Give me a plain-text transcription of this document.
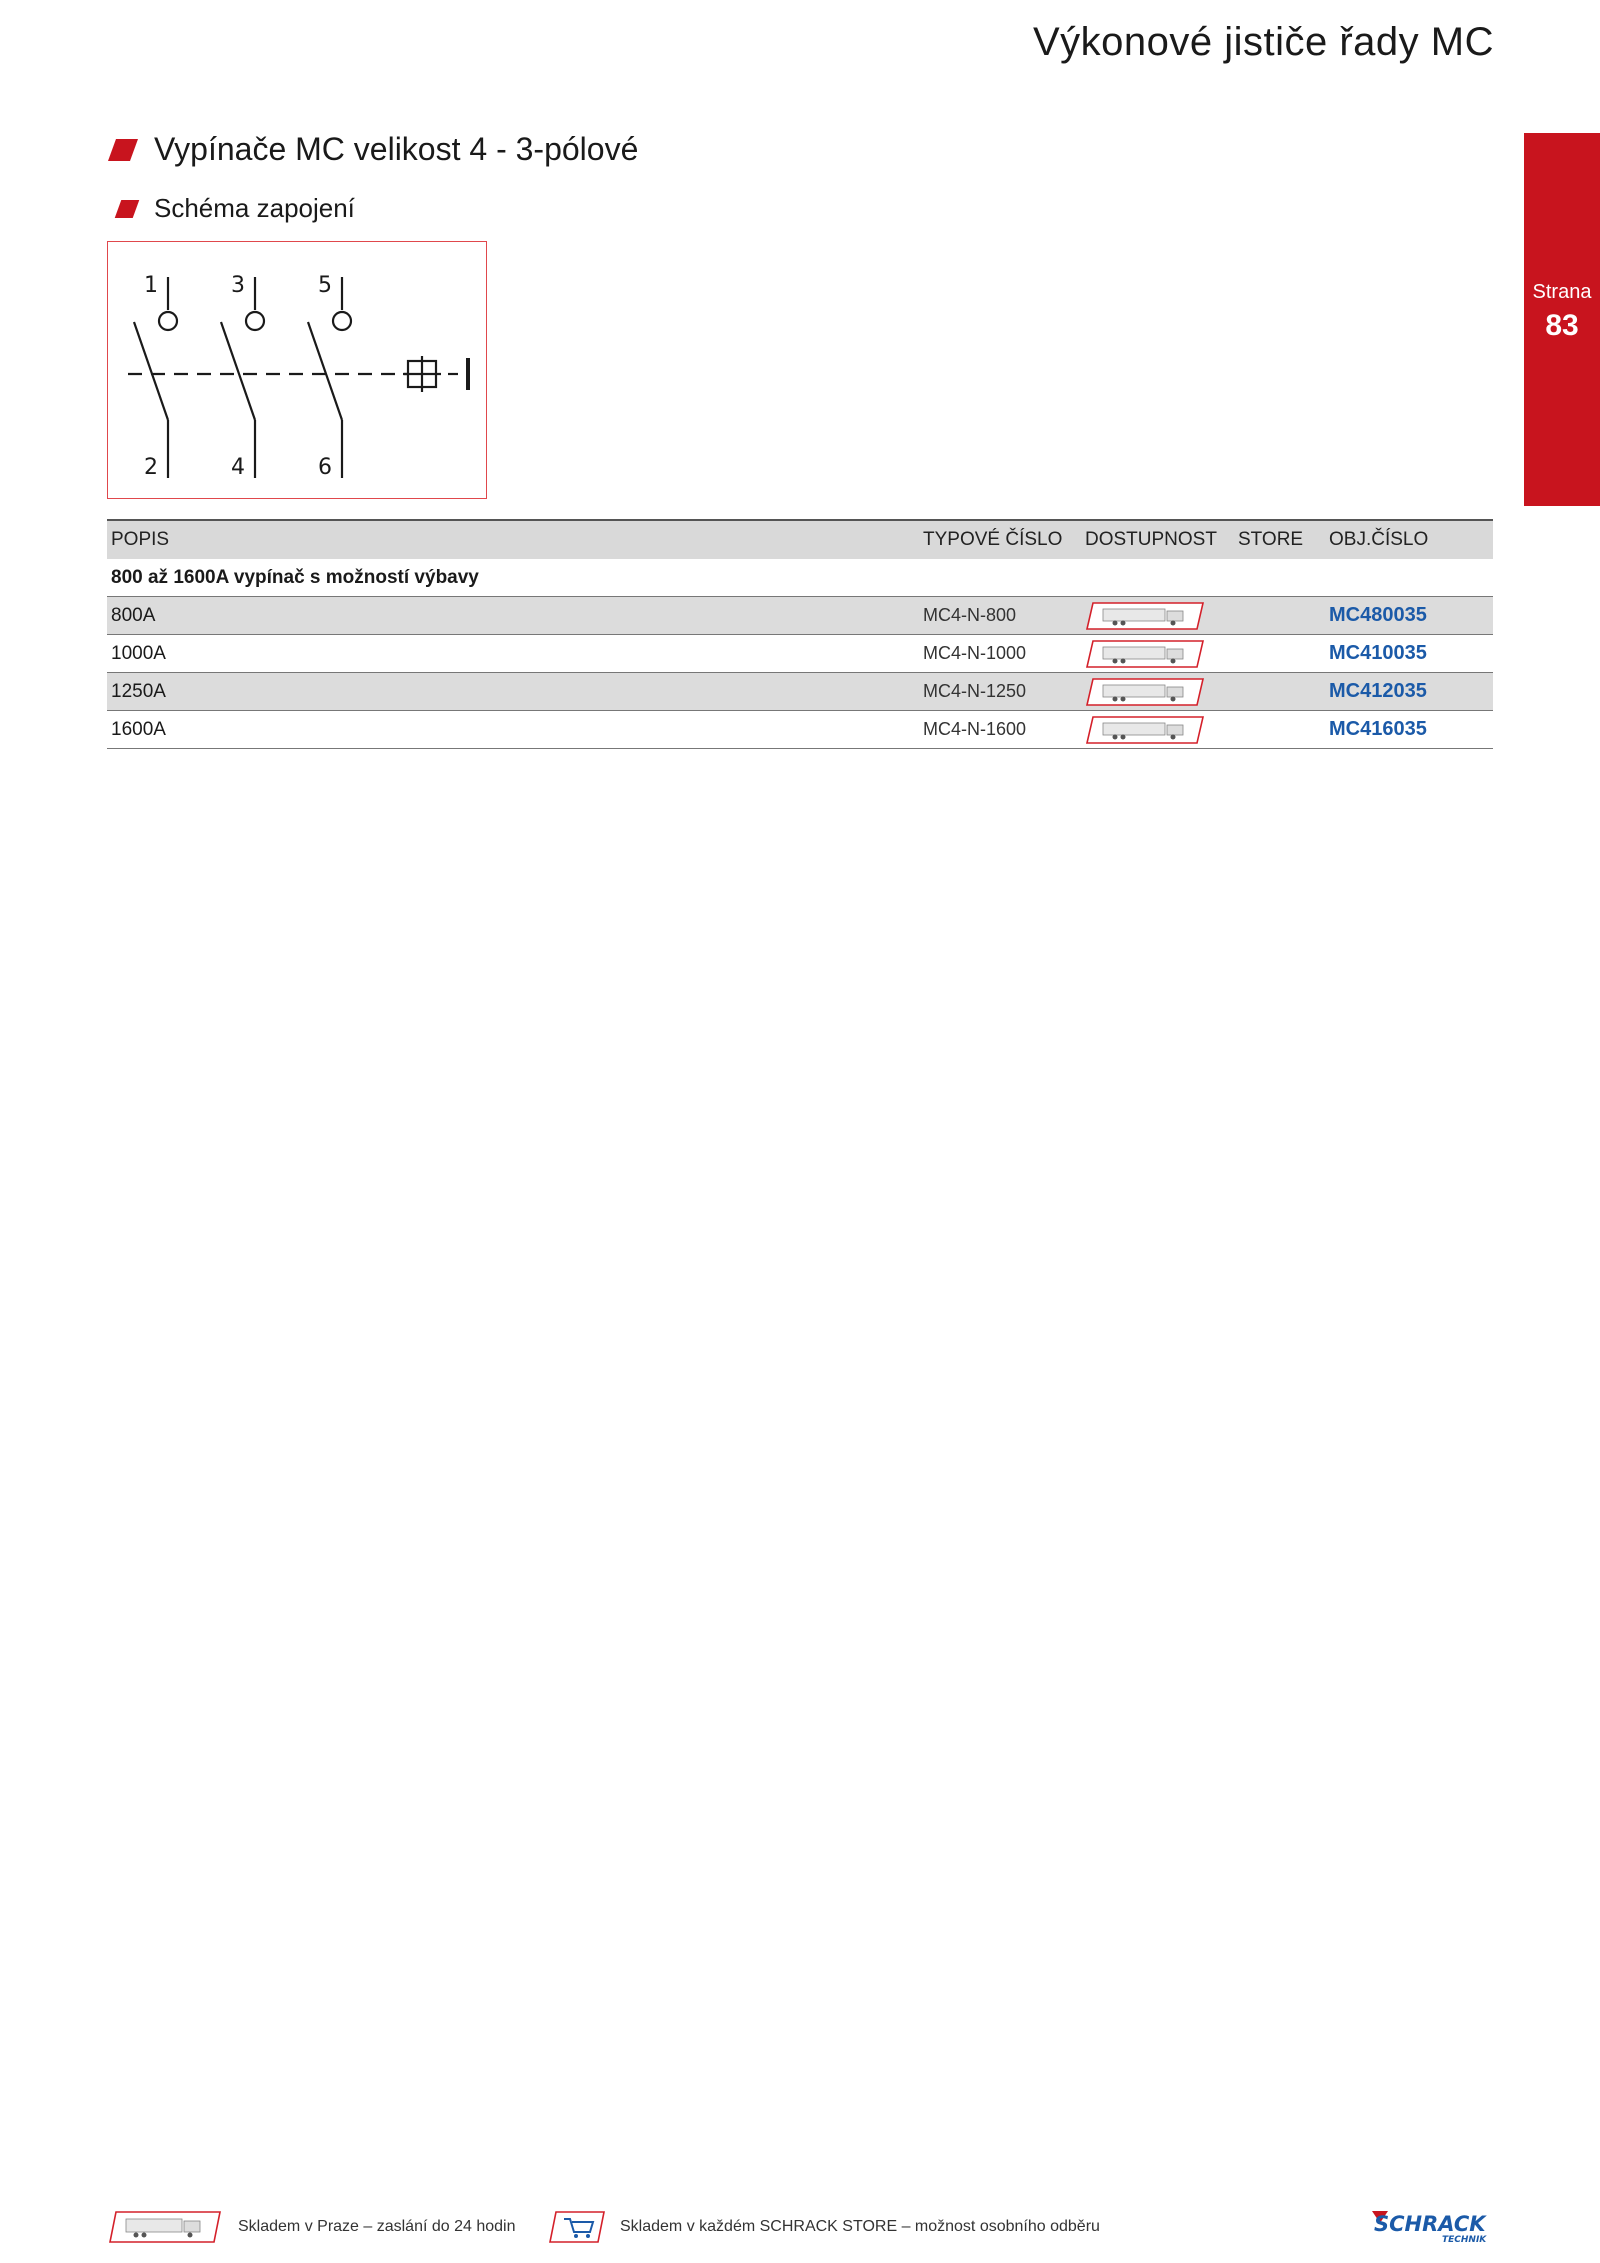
Výkonové jističe řady MC
Strana
83
Vypínače MC velikost 4 - 3-pólové
Schéma zapojení
1	3	5
2	4	6
POPIS	TYPOVÉ ČÍSLO	DOSTUPNOST	STORE	OBJ.ČÍSLO
800 až 1600A vypínač s možností výbavy				
800A	MC4-N-800			MC480035
1000A	MC4-N-1000			MC410035
1250A	MC4-N-1250			MC412035
1600A	MC4-N-1600			MC416035
Skladem v Praze – zaslání do 24 hodin	Skladem v každém SCHRACK STORE – možnost osobního odběru	SCHRACK
TECHNIK
